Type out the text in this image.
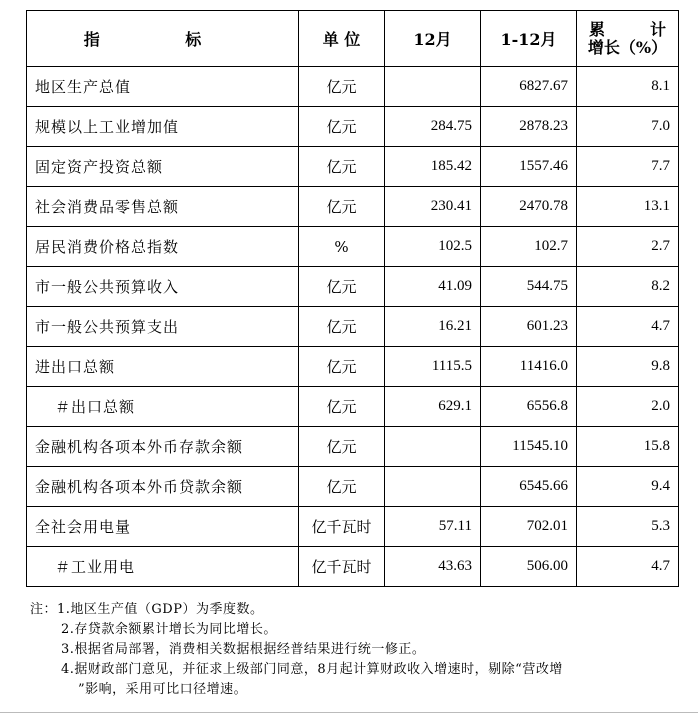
指 标	单 位	12月	1-12月	累 计
增长（%）

地区生产总值	亿元		6827.67	8.1
规模以上工业增加值	亿元	284.75	2878.23	7.0
固定资产投资总额	亿元	185.42	1557.46	7.7
社会消费品零售总额	亿元	230.41	2470.78	13.1
居民消费价格总指数	%	102.5	102.7	2.7
市一般公共预算收入	亿元	41.09	544.75	8.2
市一般公共预算支出	亿元	16.21	601.23	4.7
进出口总额	亿元	1115.5	11416.0	9.8
＃出口总额	亿元	629.1	6556.8	2.0
金融机构各项本外币存款余额	亿元		11545.10	15.8
金融机构各项本外币贷款余额	亿元		6545.66	9.4
全社会用电量	亿千瓦时	57.11	702.01	5.3
＃工业用电	亿千瓦时	43.63	506.00	4.7
注：1.地区生产值（GDP）为季度数。
2.存贷款余额累计增长为同比增长。
3.根据省局部署，消费相关数据根据经普结果进行统一修正。
4.据财政部门意见，并征求上级部门同意，8月起计算财政收入增速时，剔除“营改增
”影响，采用可比口径增速。
